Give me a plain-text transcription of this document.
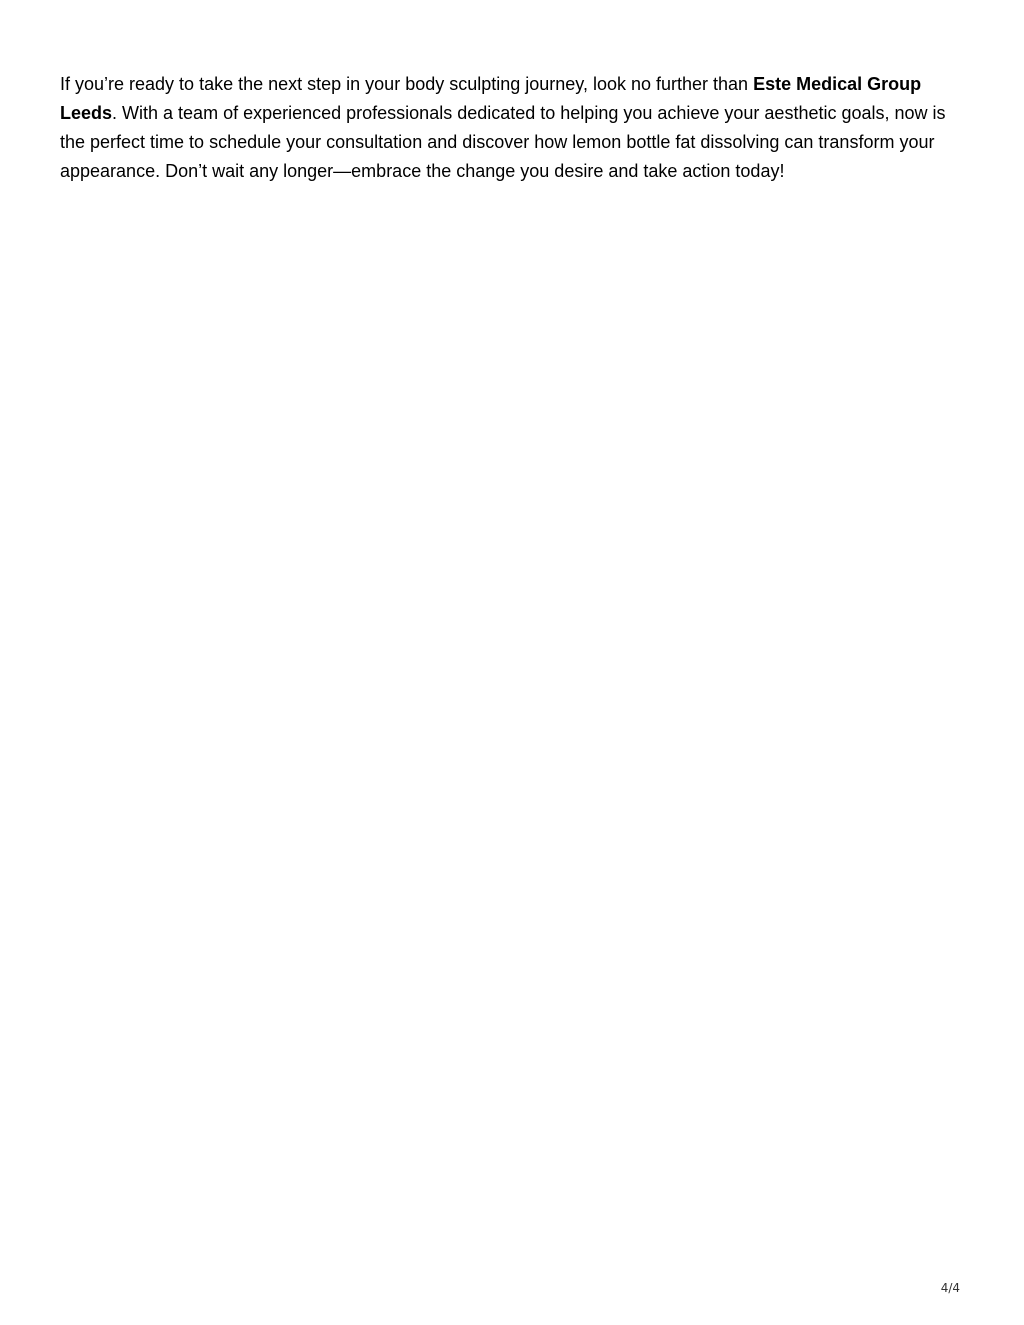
If you’re ready to take the next step in your body sculpting journey, look no further than Este Medical Group Leeds. With a team of experienced professionals dedicated to helping you achieve your aesthetic goals, now is the perfect time to schedule your consultation and discover how lemon bottle fat dissolving can transform your appearance. Don’t wait any longer—embrace the change you desire and take action today!

4/4
